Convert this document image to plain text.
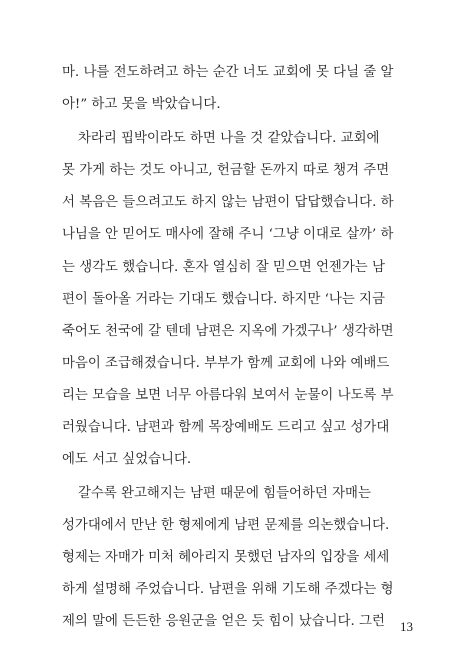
마. 나를 전도하려고 하는 순간 너도 교회에 못 다닐 줄 알
아!” 하고 못을 박았습니다.
차라리 핍박이라도 하면 나을 것 같았습니다. 교회에
못 가게 하는 것도 아니고, 헌금할 돈까지 따로 챙겨 주면
서 복음은 들으려고도 하지 않는 남편이 답답했습니다. 하
나님을 안 믿어도 매사에 잘해 주니 ‘그냥 이대로 살까’ 하
는 생각도 했습니다. 혼자 열심히 잘 믿으면 언젠가는 남
편이 돌아올 거라는 기대도 했습니다. 하지만 ‘나는 지금
죽어도 천국에 갈 텐데 남편은 지옥에 가겠구나’ 생각하면
마음이 조급해졌습니다. 부부가 함께 교회에 나와 예배드
리는 모습을 보면 너무 아름다워 보여서 눈물이 나도록 부
러웠습니다. 남편과 함께 목장예배도 드리고 싶고 성가대
에도 서고 싶었습니다.
갈수록 완고해지는 남편 때문에 힘들어하던 자매는
성가대에서 만난 한 형제에게 남편 문제를 의논했습니다.
형제는 자매가 미처 헤아리지 못했던 남자의 입장을 세세
하게 설명해 주었습니다. 남편을 위해 기도해 주겠다는 형
제의 말에 든든한 응원군을 얻은 듯 힘이 났습니다. 그런 13
